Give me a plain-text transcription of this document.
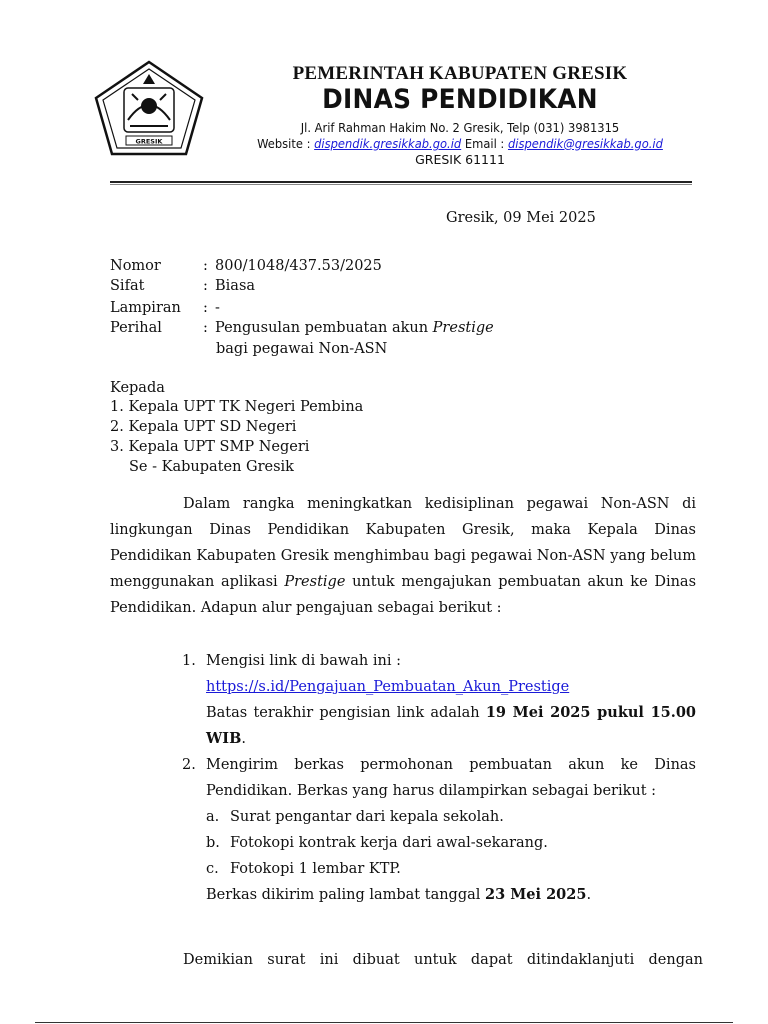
GRESIK
PEMERINTAH KABUPATEN GRESIK
DINAS PENDIDIKAN
Jl. Arif Rahman Hakim No. 2 Gresik, Telp (031) 3981315
Website : dispendik.gresikkab.go.id Email : dispendik@gresikkab.go.id
GRESIK 61111
Gresik, 09 Mei 2025
Nomor	: 800/1048/437.53/2025
Sifat	: Biasa
Lampiran : -
Perihal	: Pengusulan pembuatan akun Prestige
bagi pegawai Non-ASN
Kepada
1. Kepala UPT TK Negeri Pembina
2. Kepala UPT SD Negeri
3. Kepala UPT SMP Negeri
Se - Kabupaten Gresik
Dalam rangka meningkatkan kedisiplinan pegawai Non-ASN di lingkungan Dinas Pendidikan Kabupaten Gresik, maka Kepala Dinas Pendidikan Kabupaten Gresik menghimbau bagi pegawai Non-ASN yang belum menggunakan aplikasi Prestige untuk mengajukan pembuatan akun ke Dinas Pendidikan. Adapun alur pengajuan sebagai berikut :
1. Mengisi link di bawah ini :
https://s.id/Pengajuan_Pembuatan_Akun_Prestige
Batas terakhir pengisian link adalah 19 Mei 2025 pukul 15.00 WIB.
2. Mengirim berkas permohonan pembuatan akun ke Dinas Pendidikan. Berkas yang harus dilampirkan sebagai berikut :
a. Surat pengantar dari kepala sekolah.
b. Fotokopi kontrak kerja dari awal-sekarang.
c. Fotokopi 1 lembar KTP.
Berkas dikirim paling lambat tanggal 23 Mei 2025.
Demikian surat ini dibuat untuk dapat ditindaklanjuti dengan
